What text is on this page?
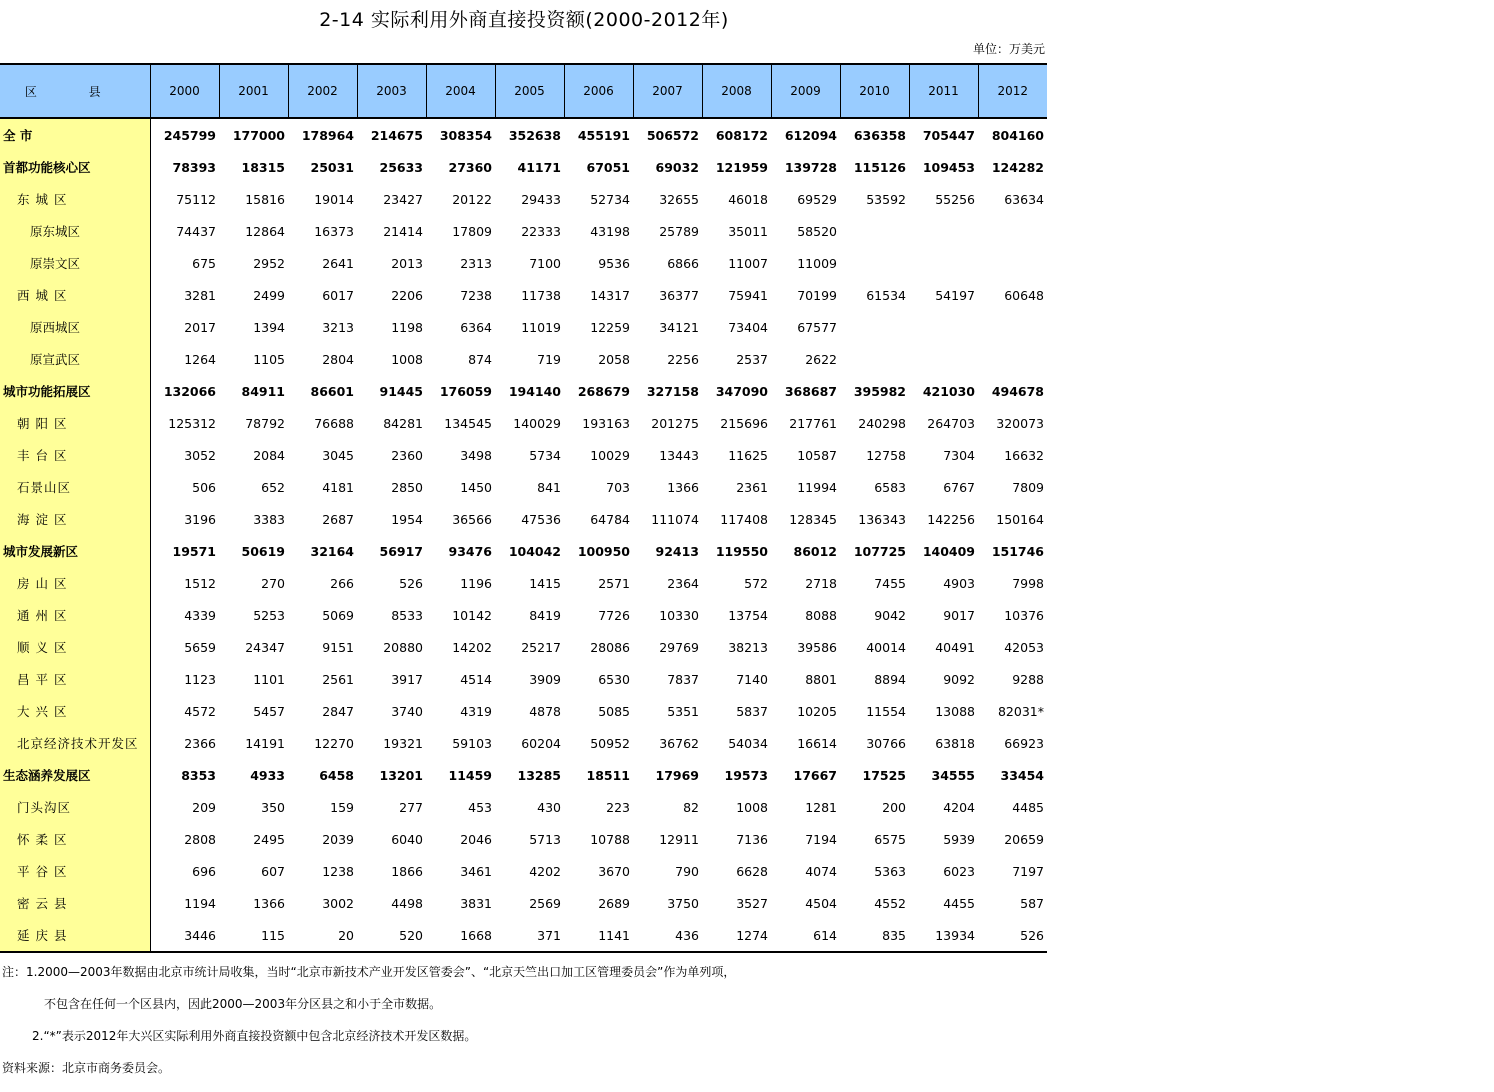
2-14 实际利用外商直接投资额(2000-2012年)
单位：万美元
区 县	2000	2001	2002	2003	2004	2005	2006	2007	2008	2009	2010	2011	2012
全 市	245799	177000	178964	214675	308354	352638	455191	506572	608172	612094	636358	705447	804160
首都功能核心区	78393	18315	25031	25633	27360	41171	67051	69032	121959	139728	115126	109453	124282
东 城 区	75112	15816	19014	23427	20122	29433	52734	32655	46018	69529	53592	55256	63634
原东城区	74437	12864	16373	21414	17809	22333	43198	25789	35011	58520			
原崇文区	675	2952	2641	2013	2313	7100	9536	6866	11007	11009			
西 城 区	3281	2499	6017	2206	7238	11738	14317	36377	75941	70199	61534	54197	60648
原西城区	2017	1394	3213	1198	6364	11019	12259	34121	73404	67577			
原宣武区	1264	1105	2804	1008	874	719	2058	2256	2537	2622			
城市功能拓展区	132066	84911	86601	91445	176059	194140	268679	327158	347090	368687	395982	421030	494678
朝 阳 区	125312	78792	76688	84281	134545	140029	193163	201275	215696	217761	240298	264703	320073
丰 台 区	3052	2084	3045	2360	3498	5734	10029	13443	11625	10587	12758	7304	16632
石景山区	506	652	4181	2850	1450	841	703	1366	2361	11994	6583	6767	7809
海 淀 区	3196	3383	2687	1954	36566	47536	64784	111074	117408	128345	136343	142256	150164
城市发展新区	19571	50619	32164	56917	93476	104042	100950	92413	119550	86012	107725	140409	151746
房 山 区	1512	270	266	526	1196	1415	2571	2364	572	2718	7455	4903	7998
通 州 区	4339	5253	5069	8533	10142	8419	7726	10330	13754	8088	9042	9017	10376
顺 义 区	5659	24347	9151	20880	14202	25217	28086	29769	38213	39586	40014	40491	42053
昌 平 区	1123	1101	2561	3917	4514	3909	6530	7837	7140	8801	8894	9092	9288
大 兴 区	4572	5457	2847	3740	4319	4878	5085	5351	5837	10205	11554	13088	82031*
北京经济技术开发区	2366	14191	12270	19321	59103	60204	50952	36762	54034	16614	30766	63818	66923
生态涵养发展区	8353	4933	6458	13201	11459	13285	18511	17969	19573	17667	17525	34555	33454
门头沟区	209	350	159	277	453	430	223	82	1008	1281	200	4204	4485
怀 柔 区	2808	2495	2039	6040	2046	5713	10788	12911	7136	7194	6575	5939	20659
平 谷 区	696	607	1238	1866	3461	4202	3670	790	6628	4074	5363	6023	7197
密 云 县	1194	1366	3002	4498	3831	2569	2689	3750	3527	4504	4552	4455	587
延 庆 县	3446	115	20	520	1668	371	1141	436	1274	614	835	13934	526
注：1.2000—2003年数据由北京市统计局收集，当时“北京市新技术产业开发区管委会”、“北京天竺出口加工区管理委员会”作为单列项，
不包含在任何一个区县内，因此2000—2003年分区县之和小于全市数据。
2.“*”表示2012年大兴区实际利用外商直接投资额中包含北京经济技术开发区数据。
资料来源：北京市商务委员会。
